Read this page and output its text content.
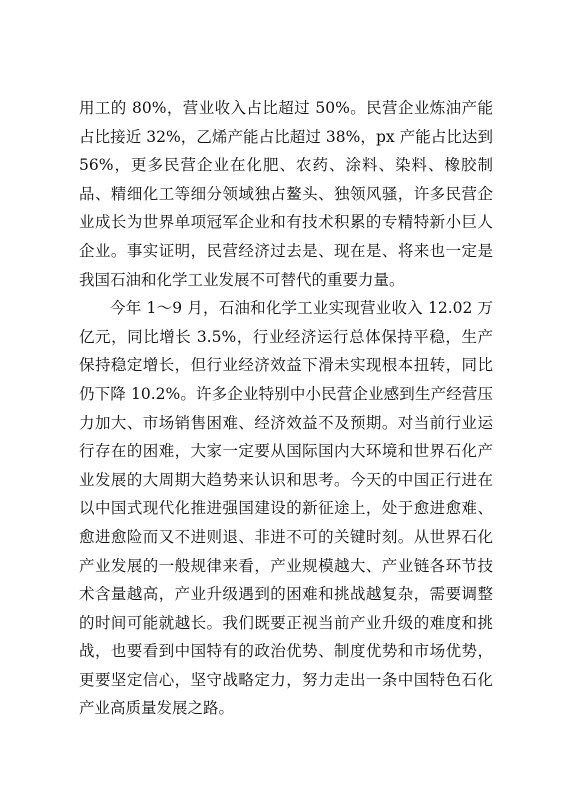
用工的 80%，营业收入占比超过 50%。民营企业炼油产能占比接近 32%，乙烯产能占比超过 38%，px 产能占比达到 56%，更多民营企业在化肥、农药、涂料、染料、橡胶制品、精细化工等细分领域独占鳌头、独领风骚，许多民营企业成长为世界单项冠军企业和有技术积累的专精特新小巨人企业。事实证明，民营经济过去是、现在是、将来也一定是我国石油和化学工业发展不可替代的重要力量。

今年 1～9 月，石油和化学工业实现营业收入 12.02 万亿元，同比增长 3.5%，行业经济运行总体保持平稳，生产保持稳定增长，但行业经济效益下滑未实现根本扭转，同比仍下降 10.2%。许多企业特别中小民营企业感到生产经营压力加大、市场销售困难、经济效益不及预期。对当前行业运行存在的困难，大家一定要从国际国内大环境和世界石化产业发展的大周期大趋势来认识和思考。今天的中国正行进在以中国式现代化推进强国建设的新征途上，处于愈进愈难、愈进愈险而又不进则退、非进不可的关键时刻。从世界石化产业发展的一般规律来看，产业规模越大、产业链各环节技术含量越高，产业升级遇到的困难和挑战越复杂，需要调整的时间可能就越长。我们既要正视当前产业升级的难度和挑战，也要看到中国特有的政治优势、制度优势和市场优势，更要坚定信心，坚守战略定力，努力走出一条中国特色石化产业高质量发展之路。
